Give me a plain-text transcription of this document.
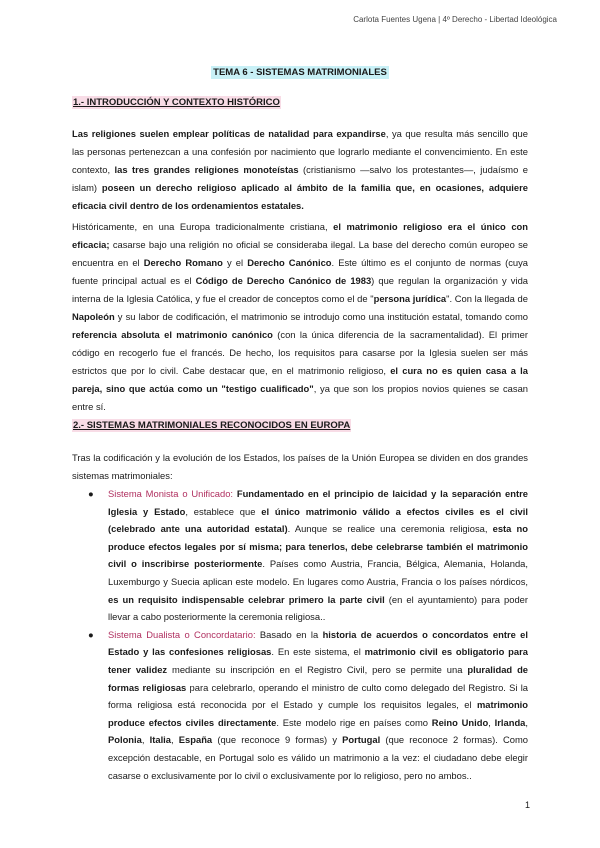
Carlota Fuentes Ugena | 4º Derecho - Libertad Ideológica
TEMA 6 - SISTEMAS MATRIMONIALES
1.- INTRODUCCIÓN Y CONTEXTO HISTÓRICO
Las religiones suelen emplear políticas de natalidad para expandirse, ya que resulta más sencillo que las personas pertenezcan a una confesión por nacimiento que lograrlo mediante el convencimiento. En este contexto, las tres grandes religiones monoteístas (cristianismo —salvo los protestantes—, judaísmo e islam) poseen un derecho religioso aplicado al ámbito de la familia que, en ocasiones, adquiere eficacia civil dentro de los ordenamientos estatales.
Históricamente, en una Europa tradicionalmente cristiana, el matrimonio religioso era el único con eficacia; casarse bajo una religión no oficial se consideraba ilegal. La base del derecho común europeo se encuentra en el Derecho Romano y el Derecho Canónico. Este último es el conjunto de normas (cuya fuente principal actual es el Código de Derecho Canónico de 1983) que regulan la organización y vida interna de la Iglesia Católica, y fue el creador de conceptos como el de "persona jurídica". Con la llegada de Napoleón y su labor de codificación, el matrimonio se introdujo como una institución estatal, tomando como referencia absoluta el matrimonio canónico (con la única diferencia de la sacramentalidad). El primer código en recogerlo fue el francés. De hecho, los requisitos para casarse por la Iglesia suelen ser más estrictos que por lo civil. Cabe destacar que, en el matrimonio religioso, el cura no es quien casa a la pareja, sino que actúa como un "testigo cualificado", ya que son los propios novios quienes se casan entre sí.
2.- SISTEMAS MATRIMONIALES RECONOCIDOS EN EUROPA
Tras la codificación y la evolución de los Estados, los países de la Unión Europea se dividen en dos grandes sistemas matrimoniales:
● Sistema Monista o Unificado: Fundamentado en el principio de laicidad y la separación entre Iglesia y Estado, establece que el único matrimonio válido a efectos civiles es el civil (celebrado ante una autoridad estatal). Aunque se realice una ceremonia religiosa, esta no produce efectos legales por sí misma; para tenerlos, debe celebrarse también el matrimonio civil o inscribirse posteriormente. Países como Austria, Francia, Bélgica, Alemania, Holanda, Luxemburgo y Suecia aplican este modelo. En lugares como Austria, Francia o los países nórdicos, es un requisito indispensable celebrar primero la parte civil (en el ayuntamiento) para poder llevar a cabo posteriormente la ceremonia religiosa..
● Sistema Dualista o Concordatario: Basado en la historia de acuerdos o concordatos entre el Estado y las confesiones religiosas. En este sistema, el matrimonio civil es obligatorio para tener validez mediante su inscripción en el Registro Civil, pero se permite una pluralidad de formas religiosas para celebrarlo, operando el ministro de culto como delegado del Registro. Si la forma religiosa está reconocida por el Estado y cumple los requisitos legales, el matrimonio produce efectos civiles directamente. Este modelo rige en países como Reino Unido, Irlanda, Polonia, Italia, España (que reconoce 9 formas) y Portugal (que reconoce 2 formas). Como excepción destacable, en Portugal solo es válido un matrimonio a la vez: el ciudadano debe elegir casarse o exclusivamente por lo civil o exclusivamente por lo religioso, pero no ambos..
1
